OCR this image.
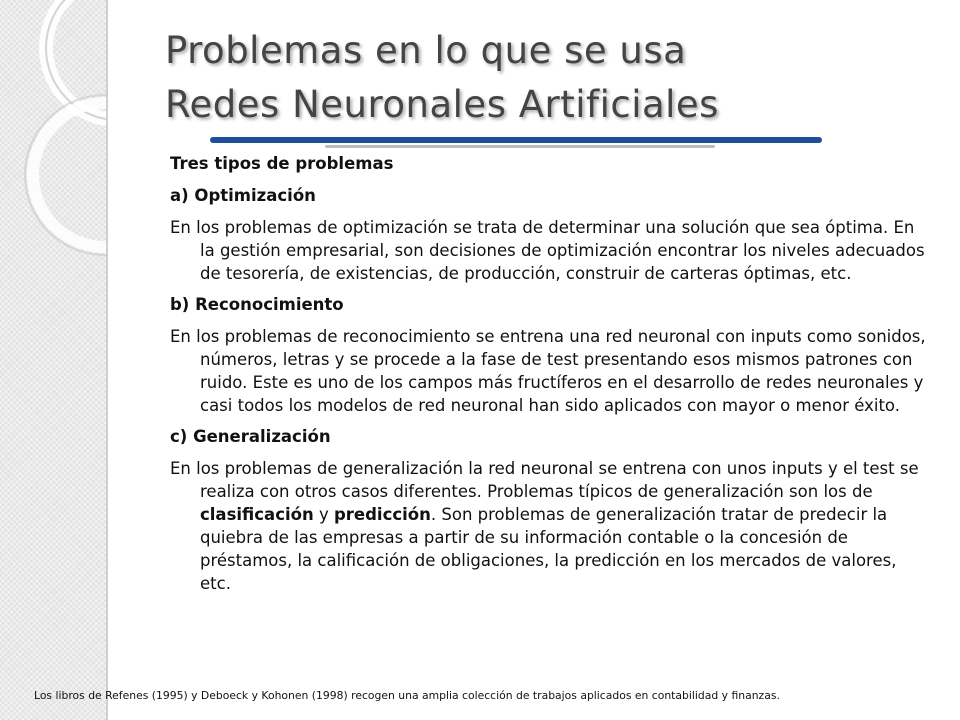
Problemas en lo que se usa
Redes Neuronales Artificiales

Tres tipos de problemas

a) Optimización

En los problemas de optimización se trata de determinar una solución que sea óptima. En la gestión empresarial, son decisiones de optimización encontrar los niveles adecuados de tesorería, de existencias, de producción, construir de carteras óptimas, etc.

b) Reconocimiento

En los problemas de reconocimiento se entrena una red neuronal con inputs como sonidos, números, letras y se procede a la fase de test presentando esos mismos patrones con ruido. Este es uno de los campos más fructíferos en el desarrollo de redes neuronales y casi todos los modelos de red neuronal han sido aplicados con mayor o menor éxito.

c) Generalización

En los problemas de generalización la red neuronal se entrena con unos inputs y el test se realiza con otros casos diferentes. Problemas típicos de generalización son los de clasificación y predicción. Son problemas de generalización tratar de predecir la quiebra de las empresas a partir de su información contable o la concesión de préstamos, la calificación de obligaciones, la predicción en los mercados de valores, etc.

Los libros de Refenes (1995) y Deboeck y Kohonen (1998) recogen una amplia colección de trabajos aplicados en contabilidad y finanzas.
